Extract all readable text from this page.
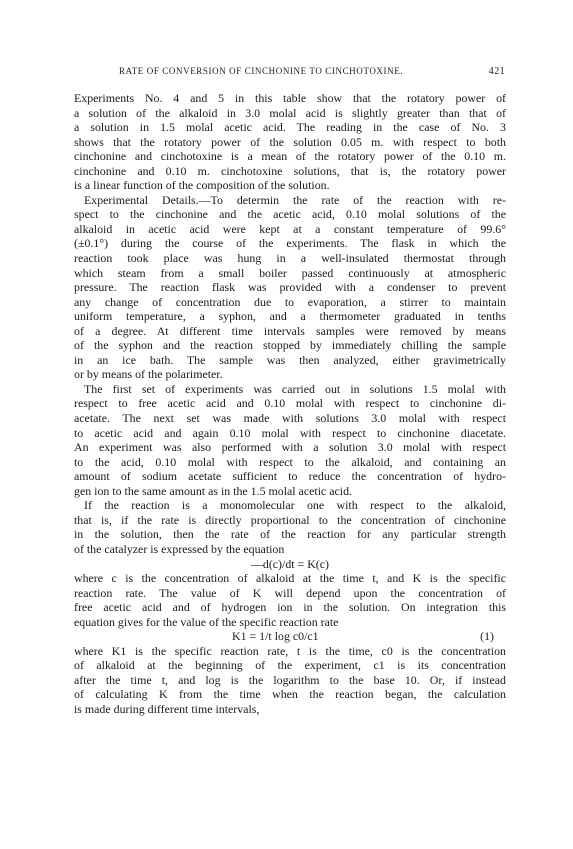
RATE OF CONVERSION OF CINCHONINE TO CINCHOTOXINE.	421
Experiments No. 4 and 5 in this table show that the rotatory power of
a solution of the alkaloid in 3.0 molal acid is slightly greater than that of
a solution in 1.5 molal acetic acid. The reading in the case of No. 3
shows that the rotatory power of the solution 0.05 m. with respect to both
cinchonine and cinchotoxine is a mean of the rotatory power of the 0.10 m.
cinchonine and 0.10 m. cinchotoxine solutions, that is, the rotatory power
is a linear function of the composition of the solution.
Experimental Details.—To determin the rate of the reaction with re-
spect to the cinchonine and the acetic acid, 0.10 molal solutions of the
alkaloid in acetic acid were kept at a constant temperature of 99.6°
(±0.1°) during the course of the experiments. The flask in which the
reaction took place was hung in a well-insulated thermostat through
which steam from a small boiler passed continuously at atmospheric
pressure. The reaction flask was provided with a condenser to prevent
any change of concentration due to evaporation, a stirrer to maintain
uniform temperature, a syphon, and a thermometer graduated in tenths
of a degree. At different time intervals samples were removed by means
of the syphon and the reaction stopped by immediately chilling the sample
in an ice bath. The sample was then analyzed, either gravimetrically
or by means of the polarimeter.
The first set of experiments was carried out in solutions 1.5 molal with
respect to free acetic acid and 0.10 molal with respect to cinchonine di-
acetate. The next set was made with solutions 3.0 molal with respect
to acetic acid and again 0.10 molal with respect to cinchonine diacetate.
An experiment was also performed with a solution 3.0 molal with respect
to the acid, 0.10 molal with respect to the alkaloid, and containing an
amount of sodium acetate sufficient to reduce the concentration of hydro-
gen ion to the same amount as in the 1.5 molal acetic acid.
If the reaction is a monomolecular one with respect to the alkaloid,
that is, if the rate is directly proportional to the concentration of cinchonine
in the solution, then the rate of the reaction for any particular strength
of the catalyzer is expressed by the equation
—d(c)/dt = K(c)
where c is the concentration of alkaloid at the time t, and K is the specific
reaction rate. The value of K will depend upon the concentration of
free acetic acid and of hydrogen ion in the solution. On integration this
equation gives for the value of the specific reaction rate
K1 = 1/t log c0/c1	(1)
where K1 is the specific reaction rate, t is the time, c0 is the concentration
of alkaloid at the beginning of the experiment, c1 is its concentration
after the time t, and log is the logarithm to the base 10. Or, if instead
of calculating K from the time when the reaction began, the calculation
is made during different time intervals,
